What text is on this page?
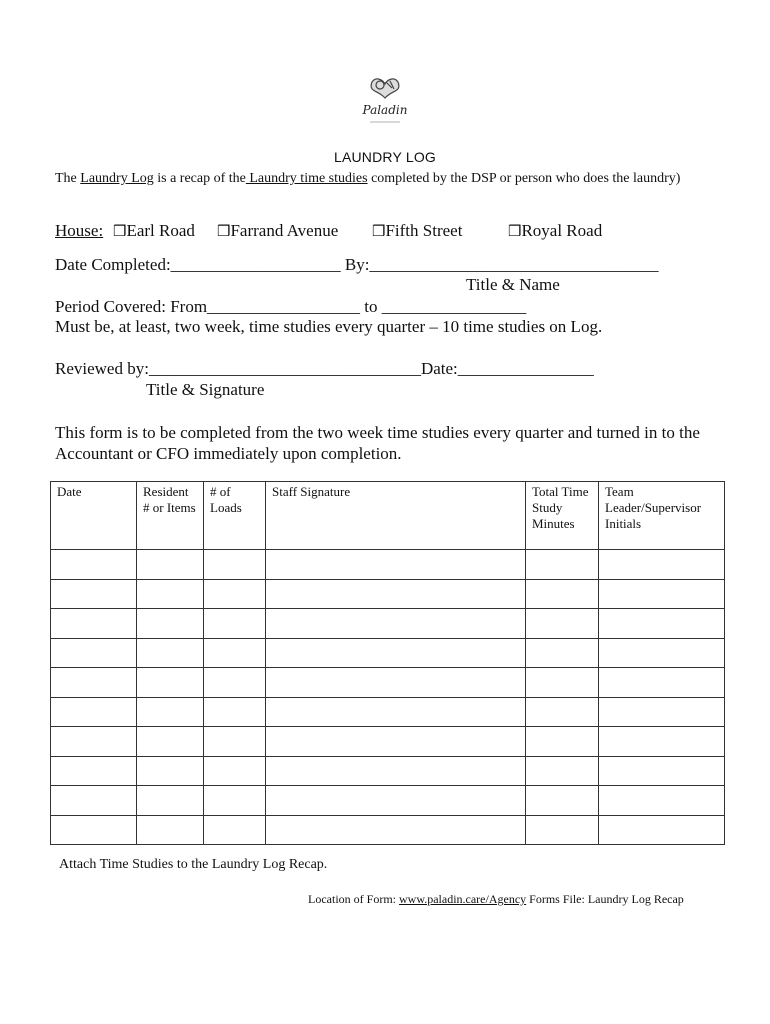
Paladin
LAUNDRY LOG
The Laundry Log is a recap of the Laundry time studies completed by the DSP or person who does the laundry)
House: ❒Earl Road ❒Farrand Avenue ❒Fifth Street	❒Royal Road
Date Completed:____________________ By:__________________________________
Title & Name
Period Covered: From__________________ to _________________
Must be, at least, two week, time studies every quarter – 10 time studies on Log.
Reviewed by:________________________________Date:________________
Title & Signature
This form is to be completed from the two week time studies every quarter and turned in to the Accountant or CFO immediately upon completion.
Date	Resident # or Items	# of Loads	Staff Signature	Total Time Study Minutes	Team Leader/Supervisor Initials

Attach Time Studies to the Laundry Log Recap.
Location of Form: www.paladin.care/Agency Forms File: Laundry Log Recap
